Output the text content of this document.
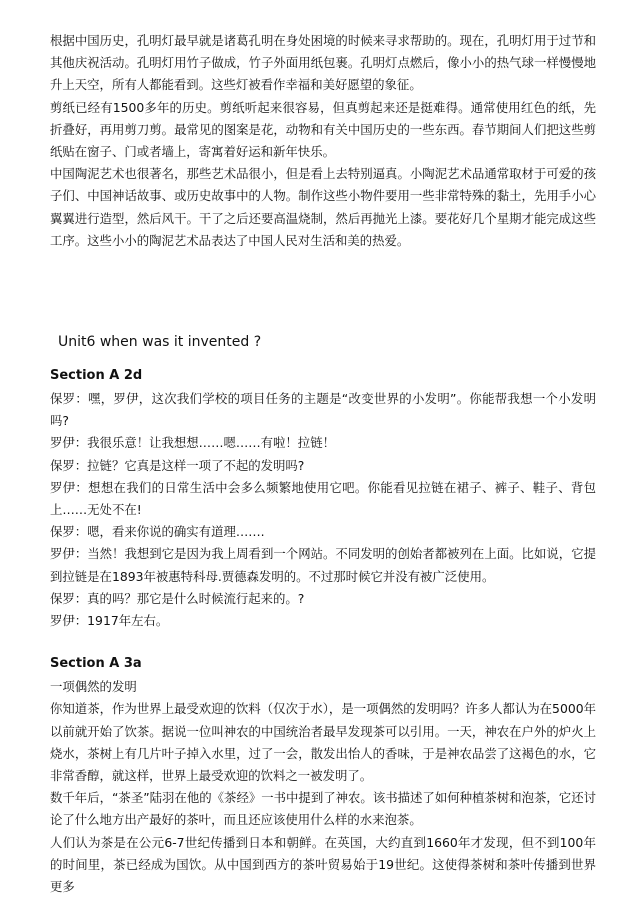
根据中国历史，孔明灯最早就是诸葛孔明在身处困境的时候来寻求帮助的。现在，孔明灯用于过节和其他庆祝活动。孔明灯用竹子做成，竹子外面用纸包裹。孔明灯点燃后，像小小的热气球一样慢慢地升上天空，所有人都能看到。这些灯被看作幸福和美好愿望的象征。

剪纸已经有1500多年的历史。剪纸听起来很容易，但真剪起来还是挺难得。通常使用红色的纸，先折叠好，再用剪刀剪。最常见的图案是花，动物和有关中国历史的一些东西。春节期间人们把这些剪纸贴在窗子、门或者墙上，寄寓着好运和新年快乐。

中国陶泥艺术也很著名，那些艺术品很小，但是看上去特别逼真。小陶泥艺术品通常取材于可爱的孩子们、中国神话故事、或历史故事中的人物。制作这些小物件要用一些非常特殊的黏土，先用手小心翼翼进行造型，然后风干。干了之后还要高温烧制，然后再抛光上漆。要花好几个星期才能完成这些工序。这些小小的陶泥艺术品表达了中国人民对生活和美的热爱。

Unit6 when was it invented ?
Section A 2d

保罗：嘿，罗伊，这次我们学校的项目任务的主题是“改变世界的小发明”。你能帮我想一个小发明吗?

罗伊：我很乐意！让我想想……嗯……有啦！拉链！

保罗：拉链？它真是这样一项了不起的发明吗?

罗伊：想想在我们的日常生活中会多么频繁地使用它吧。你能看见拉链在裙子、裤子、鞋子、背包上……无处不在!

保罗：嗯，看来你说的确实有道理…….

罗伊：当然！我想到它是因为我上周看到一个网站。不同发明的创始者都被列在上面。比如说，它提到拉链是在1893年被惠特科母.贾德森发明的。不过那时候它并没有被广泛使用。

保罗：真的吗？那它是什么时候流行起来的。?

罗伊：1917年左右。

Section A 3a

一项偶然的发明

你知道茶，作为世界上最受欢迎的饮料（仅次于水），是一项偶然的发明吗？许多人都认为在5000年以前就开始了饮茶。据说一位叫神农的中国统治者最早发现茶可以引用。一天，神农在户外的炉火上烧水，茶树上有几片叶子掉入水里，过了一会，散发出怡人的香味，于是神农品尝了这褐色的水，它非常香醇，就这样，世界上最受欢迎的饮料之一被发明了。

数千年后，“茶圣”陆羽在他的《茶经》一书中提到了神农。该书描述了如何种植茶树和泡茶，它还讨论了什么地方出产最好的茶叶，而且还应该使用什么样的水来泡茶。

人们认为茶是在公元6-7世纪传播到日本和朝鲜。在英国，大约直到1660年才发现，但不到100年的时间里，茶已经成为国饮。从中国到西方的茶叶贸易始于19世纪。这使得茶树和茶叶传播到世界更多
